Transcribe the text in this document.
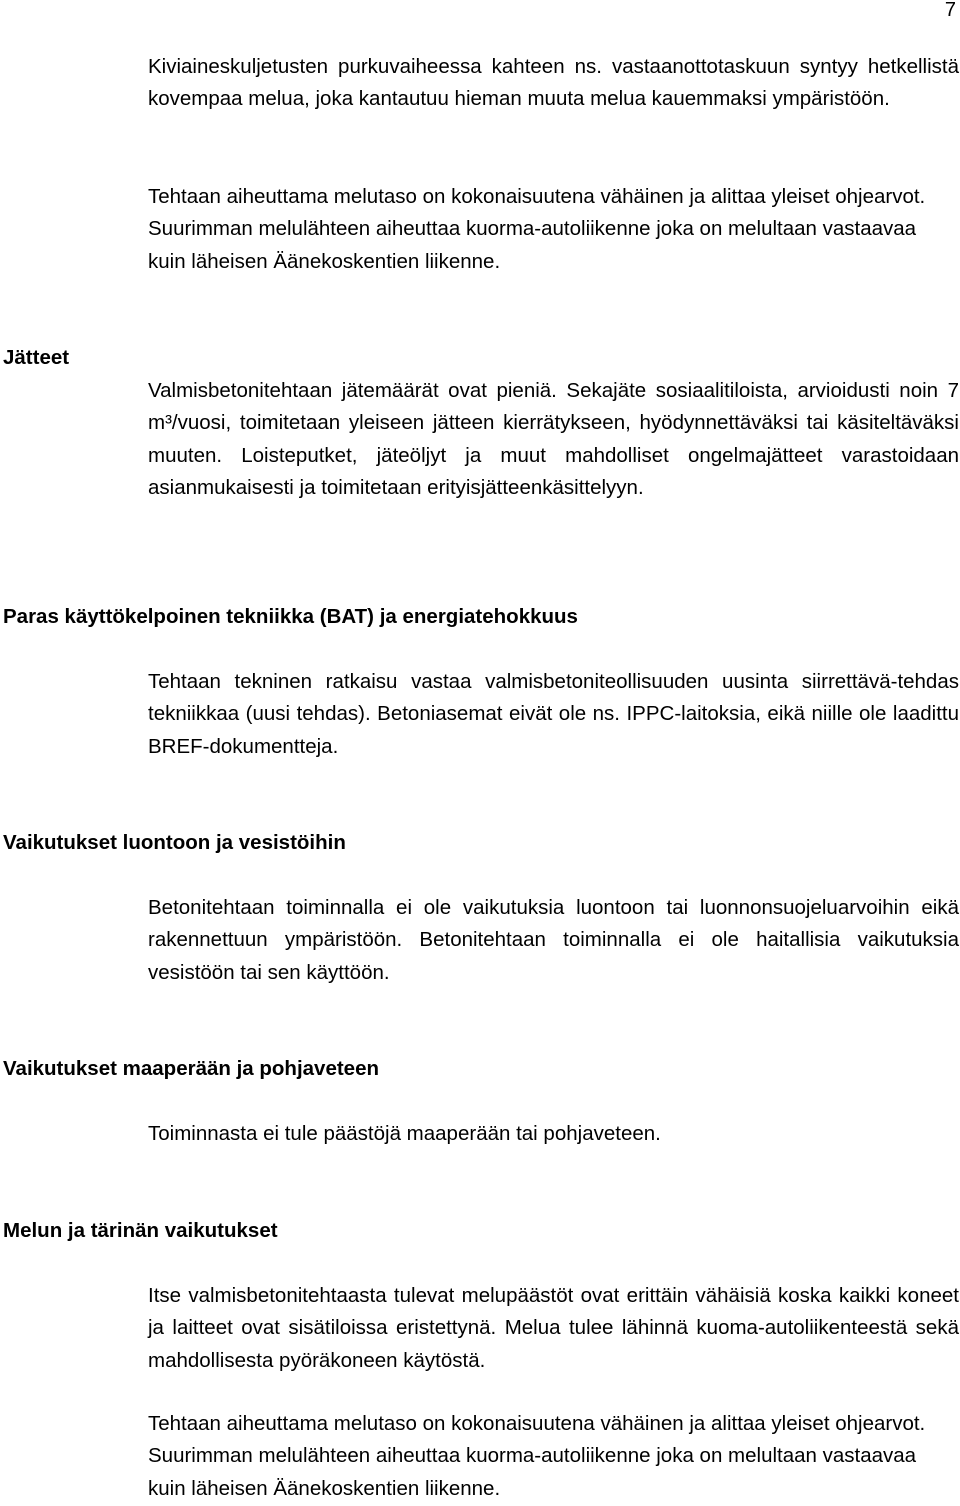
7

Kiviaineskuljetusten purkuvaiheessa kahteen ns. vastaanottotaskuun syntyy hetkellistä kovempaa melua, joka kantautuu hieman muuta melua kauemmaksi ympäristöön.

Tehtaan aiheuttama melutaso on kokonaisuutena vähäinen ja alittaa yleiset ohjearvot. Suurimman melulähteen aiheuttaa kuorma-autoliikenne joka on melultaan vastaavaa kuin läheisen Äänekoskentien liikenne.

Jätteet

Valmisbetonitehtaan jätemäärät ovat pieniä. Sekajäte sosiaalitiloista, arvioidusti noin 7 m³/vuosi, toimitetaan yleiseen jätteen kierrätykseen, hyödynnettäväksi tai käsiteltäväksi muuten. Loisteputket, jäteöljyt ja muut mahdolliset ongelmajätteet varastoidaan asianmukaisesti ja toimitetaan erityisjätteenkäsittelyyn.

Paras käyttökelpoinen tekniikka (BAT) ja energiatehokkuus

Tehtaan tekninen ratkaisu vastaa valmisbetoniteollisuuden uusinta siirrettävä-tehdas tekniikkaa (uusi tehdas). Betoniasemat eivät ole ns. IPPC-laitoksia, eikä niille ole laadittu BREF-dokumentteja.

Vaikutukset luontoon ja vesistöihin

Betonitehtaan toiminnalla ei ole vaikutuksia luontoon tai luonnonsuojeluarvoihin eikä rakennettuun ympäristöön. Betonitehtaan toiminnalla ei ole haitallisia vaikutuksia vesistöön tai sen käyttöön.

Vaikutukset maaperään ja pohjaveteen

Toiminnasta ei tule päästöjä maaperään tai pohjaveteen.

Melun ja tärinän vaikutukset

Itse valmisbetonitehtaasta tulevat melupäästöt ovat erittäin vähäisiä koska kaikki koneet ja laitteet ovat sisätiloissa eristettynä. Melua tulee lähinnä kuoma-autoliikenteestä sekä mahdollisesta pyöräkoneen käytöstä.

Tehtaan aiheuttama melutaso on kokonaisuutena vähäinen ja alittaa yleiset ohjearvot. Suurimman melulähteen aiheuttaa kuorma-autoliikenne joka on melultaan vastaavaa kuin läheisen Äänekoskentien liikenne.
